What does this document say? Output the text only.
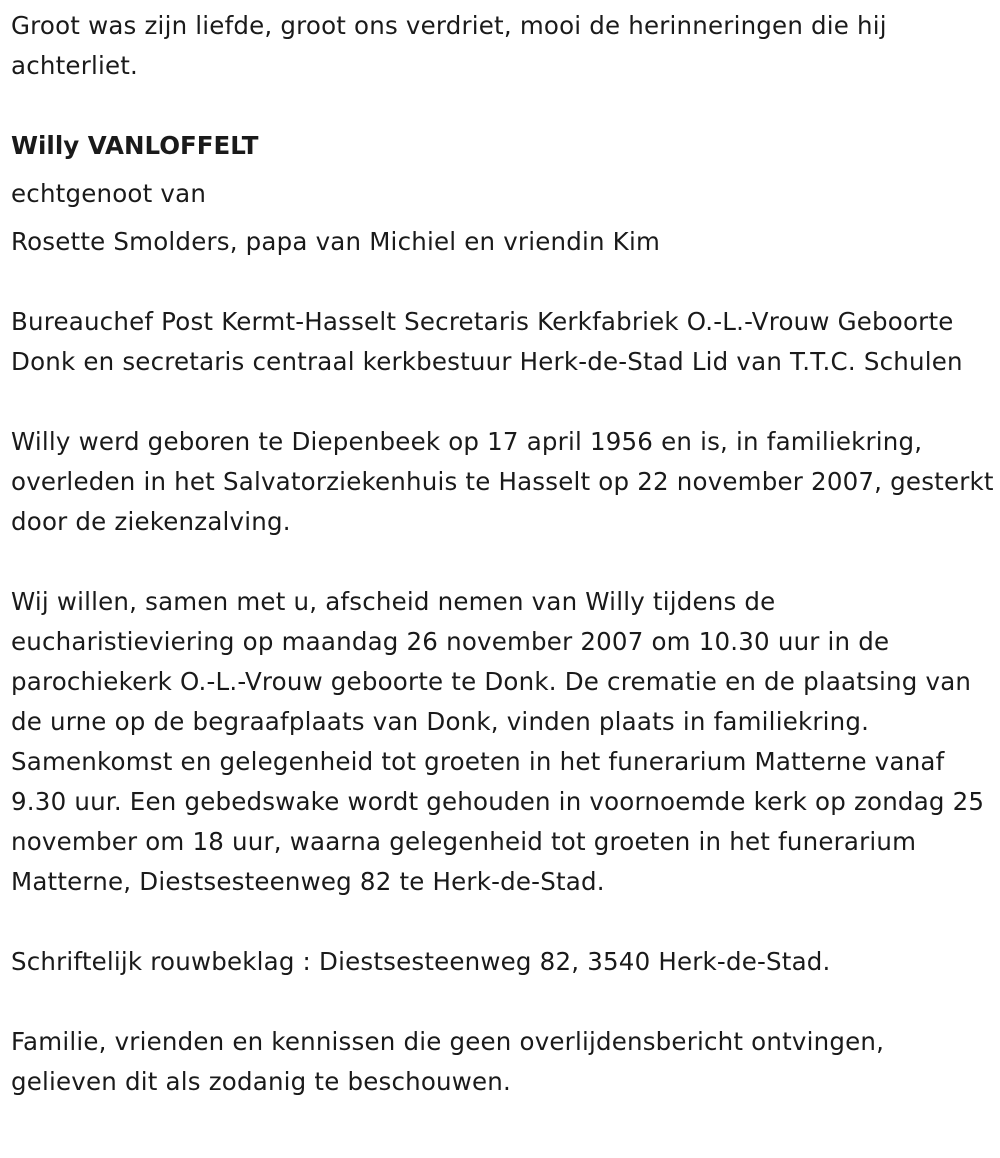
Groot was zijn liefde, groot ons verdriet, mooi de herinneringen die hij achterliet.

Willy VANLOFFELT

echtgenoot van

Rosette Smolders, papa van Michiel en vriendin Kim

Bureauchef Post Kermt-Hasselt Secretaris Kerkfabriek O.-L.-Vrouw Geboorte Donk en secretaris centraal kerkbestuur Herk-de-Stad Lid van T.T.C. Schulen

Willy werd geboren te Diepenbeek op 17 april 1956 en is, in familiekring, overleden in het Salvatorziekenhuis te Hasselt op 22 november 2007, gesterkt door de ziekenzalving.

Wij willen, samen met u, afscheid nemen van Willy tijdens de eucharistieviering op maandag 26 november 2007 om 10.30 uur in de parochiekerk O.-L.-Vrouw geboorte te Donk. De crematie en de plaatsing van de urne op de begraafplaats van Donk, vinden plaats in familiekring. Samenkomst en gelegenheid tot groeten in het funerarium Matterne vanaf 9.30 uur. Een gebedswake wordt gehouden in voornoemde kerk op zondag 25 november om 18 uur, waarna gelegenheid tot groeten in het funerarium Matterne, Diestsesteenweg 82 te Herk-de-Stad.

Schriftelijk rouwbeklag : Diestsesteenweg 82, 3540 Herk-de-Stad.

Familie, vrienden en kennissen die geen overlijdensbericht ontvingen, gelieven dit als zodanig te beschouwen.
